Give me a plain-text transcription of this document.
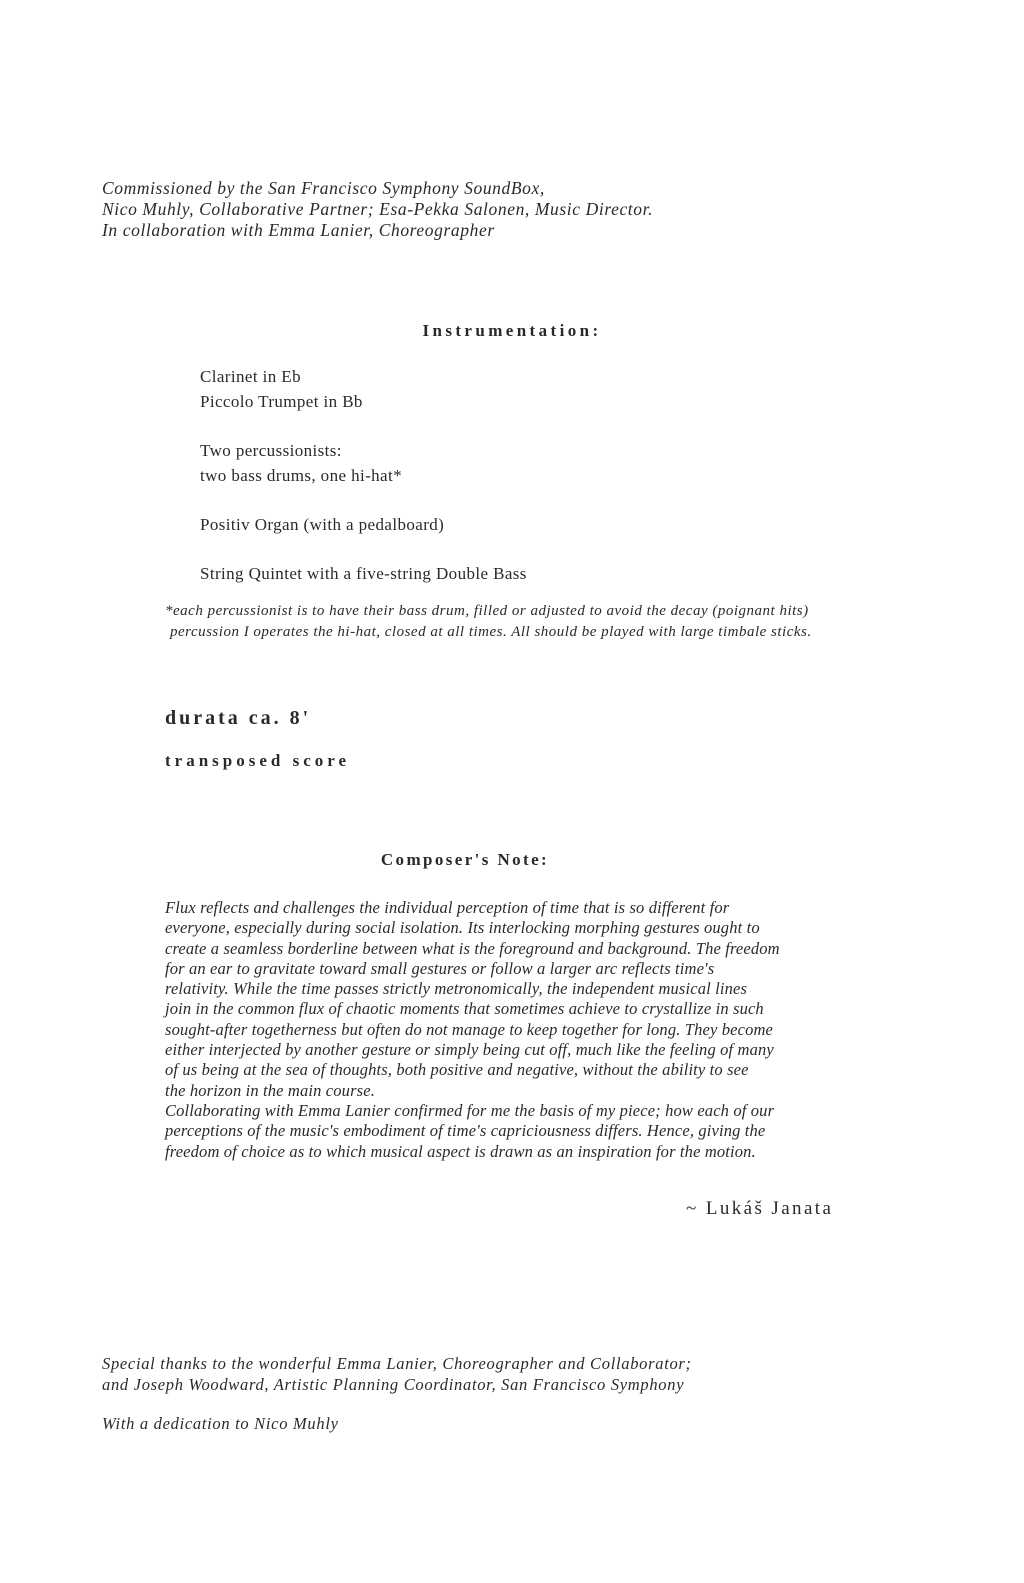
Commissioned by the San Francisco Symphony SoundBox,
Nico Muhly, Collaborative Partner; Esa-Pekka Salonen, Music Director.
In collaboration with Emma Lanier, Choreographer
Instrumentation:
Clarinet in Eb
Piccolo Trumpet in Bb
Two percussionists:
two bass drums, one hi-hat*
Positiv Organ (with a pedalboard)
String Quintet with a five-string Double Bass
*each percussionist is to have their bass drum, filled or adjusted to avoid the decay (poignant hits)
percussion I operates the hi-hat, closed at all times. All should be played with large timbale sticks.
durata ca. 8'
transposed score
Composer's Note:
Flux reflects and challenges the individual perception of time that is so different for
everyone, especially during social isolation. Its interlocking morphing gestures ought to
create a seamless borderline between what is the foreground and background. The freedom
for an ear to gravitate toward small gestures or follow a larger arc reflects time's
relativity. While the time passes strictly metronomically, the independent musical lines
join in the common flux of chaotic moments that sometimes achieve to crystallize in such
sought-after togetherness but often do not manage to keep together for long. They become
either interjected by another gesture or simply being cut off, much like the feeling of many
of us being at the sea of thoughts, both positive and negative, without the ability to see
the horizon in the main course.
Collaborating with Emma Lanier confirmed for me the basis of my piece; how each of our
perceptions of the music's embodiment of time's capriciousness differs. Hence, giving the
freedom of choice as to which musical aspect is drawn as an inspiration for the motion.
~ Lukáš Janata
Special thanks to the wonderful Emma Lanier, Choreographer and Collaborator;
and Joseph Woodward, Artistic Planning Coordinator, San Francisco Symphony
With a dedication to Nico Muhly
